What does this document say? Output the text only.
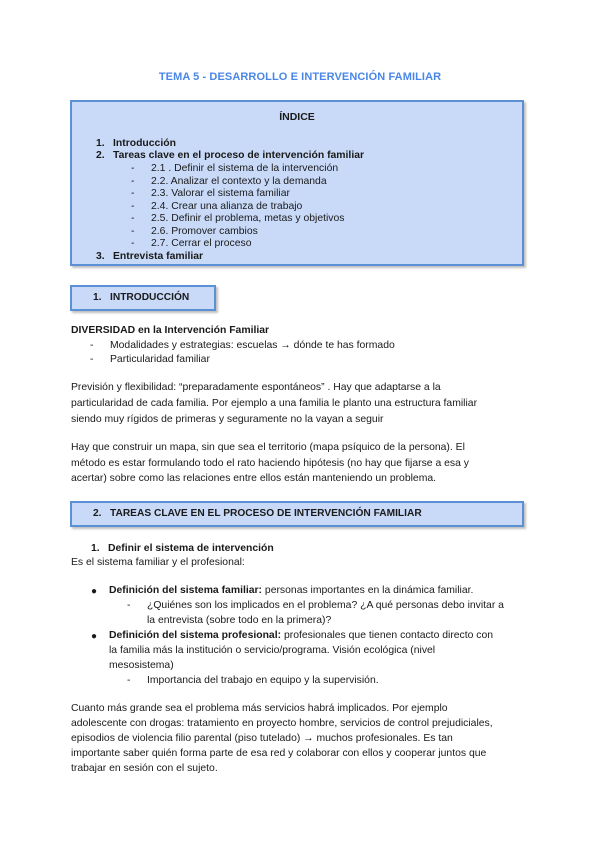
TEMA 5 - DESARROLLO E INTERVENCIÓN FAMILIAR
ÍNDICE
1. Introducción
2. Tareas clave en el proceso de intervención familiar
- 2.1 . Definir el sistema de la intervención
- 2.2. Analizar el contexto y la demanda
- 2.3. Valorar el sistema familiar
- 2.4. Crear una alianza de trabajo
- 2.5. Definir el problema, metas y objetivos
- 2.6. Promover cambios
- 2.7. Cerrar el proceso
3. Entrevista familiar
1. INTRODUCCIÓN
DIVERSIDAD en la Intervención Familiar
- Modalidades y estrategias: escuelas → dónde te has formado
- Particularidad familiar
Previsión y flexibilidad: “preparadamente espontáneos” . Hay que adaptarse a la
particularidad de cada familia. Por ejemplo a una familia le planto una estructura familiar
siendo muy rígidos de primeras y seguramente no la vayan a seguir
Hay que construir un mapa, sin que sea el territorio (mapa psíquico de la persona). El
método es estar formulando todo el rato haciendo hipótesis (no hay que fijarse a esa y
acertar) sobre como las relaciones entre ellos están manteniendo un problema.
2. TAREAS CLAVE EN EL PROCESO DE INTERVENCIÓN FAMILIAR
1. Definir el sistema de intervención
Es el sistema familiar y el profesional:
● Definición del sistema familiar: personas importantes en la dinámica familiar.
- ¿Quiénes son los implicados en el problema? ¿A qué personas debo invitar a
la entrevista (sobre todo en la primera)?
● Definición del sistema profesional: profesionales que tienen contacto directo con
la familia más la institución o servicio/programa. Visión ecológica (nivel
mesosistema)
- Importancia del trabajo en equipo y la supervisión.
Cuanto más grande sea el problema más servicios habrá implicados. Por ejemplo
adolescente con drogas: tratamiento en proyecto hombre, servicios de control prejudiciales,
episodios de violencia filio parental (piso tutelado) → muchos profesionales. Es tan
importante saber quién forma parte de esa red y colaborar con ellos y cooperar juntos que
trabajar en sesión con el sujeto.
